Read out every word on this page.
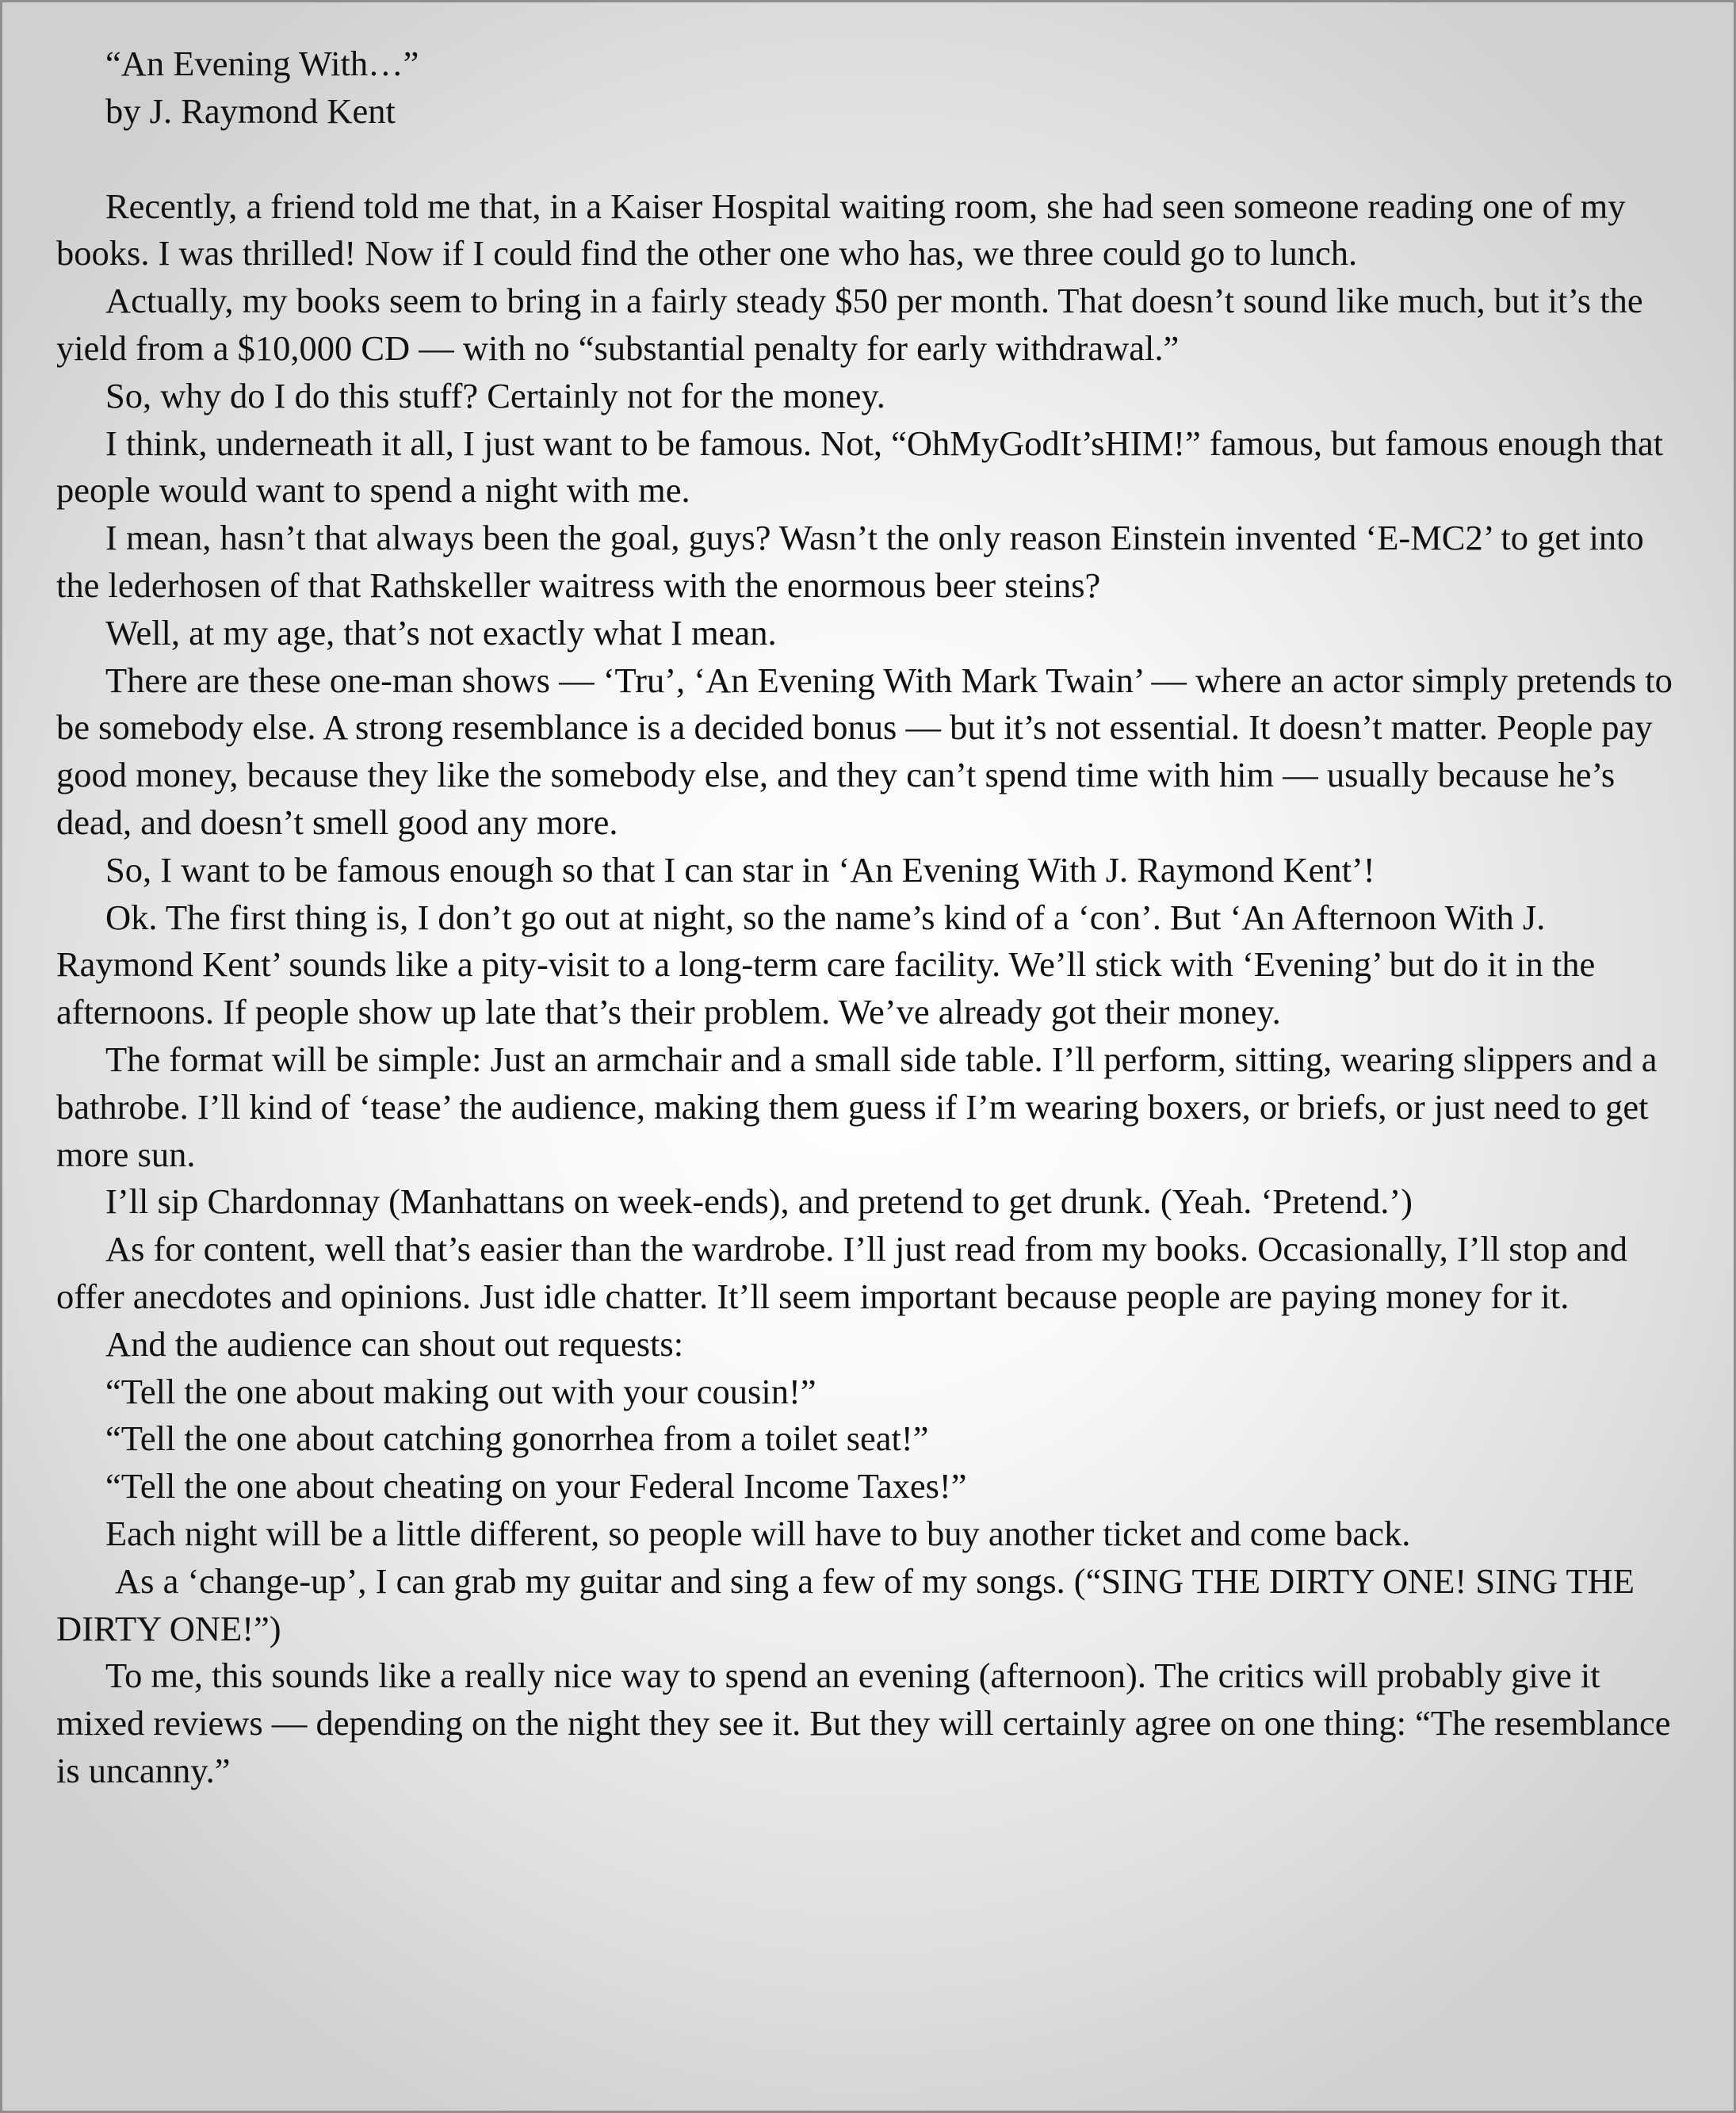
“An Evening With…”

by J. Raymond Kent

Recently, a friend told me that, in a Kaiser Hospital waiting room, she had seen someone reading one of my books. I was thrilled! Now if I could find the other one who has, we three could go to lunch.

Actually, my books seem to bring in a fairly steady $50 per month. That doesn’t sound like much, but it’s the yield from a $10,000 CD — with no “substantial penalty for early withdrawal.”

So, why do I do this stuff? Certainly not for the money.

I think, underneath it all, I just want to be famous. Not, “OhMyGodIt’sHIM!” famous, but famous enough that people would want to spend a night with me.

I mean, hasn’t that always been the goal, guys? Wasn’t the only reason Einstein invented ‘E-MC2’ to get into the lederhosen of that Rathskeller waitress with the enormous beer steins?

Well, at my age, that’s not exactly what I mean.

There are these one-man shows — ‘Tru’, ‘An Evening With Mark Twain’ — where an actor simply pretends to be somebody else. A strong resemblance is a decided bonus — but it’s not essential. It doesn’t matter. People pay good money, because they like the somebody else, and they can’t spend time with him — usually because he’s dead, and doesn’t smell good any more.

So, I want to be famous enough so that I can star in ‘An Evening With J. Raymond Kent’!

Ok. The first thing is, I don’t go out at night, so the name’s kind of a ‘con’. But ‘An Afternoon With J. Raymond Kent’ sounds like a pity-visit to a long-term care facility. We’ll stick with ‘Evening’ but do it in the afternoons. If people show up late that’s their problem. We’ve already got their money.

The format will be simple: Just an armchair and a small side table. I’ll perform, sitting, wearing slippers and a bathrobe. I’ll kind of ‘tease’ the audience, making them guess if I’m wearing boxers, or briefs, or just need to get more sun.

I’ll sip Chardonnay (Manhattans on week-ends), and pretend to get drunk. (Yeah. ‘Pretend.’)

As for content, well that’s easier than the wardrobe. I’ll just read from my books. Occasionally, I’ll stop and offer anecdotes and opinions. Just idle chatter. It’ll seem important because people are paying money for it.

And the audience can shout out requests:

“Tell the one about making out with your cousin!”

“Tell the one about catching gonorrhea from a toilet seat!”

“Tell the one about cheating on your Federal Income Taxes!”

Each night will be a little different, so people will have to buy another ticket and come back.

As a ‘change-up’, I can grab my guitar and sing a few of my songs. (“SING THE DIRTY ONE! SING THE DIRTY ONE!”)

To me, this sounds like a really nice way to spend an evening (afternoon). The critics will probably give it mixed reviews — depending on the night they see it. But they will certainly agree on one thing: “The resemblance is uncanny.”
